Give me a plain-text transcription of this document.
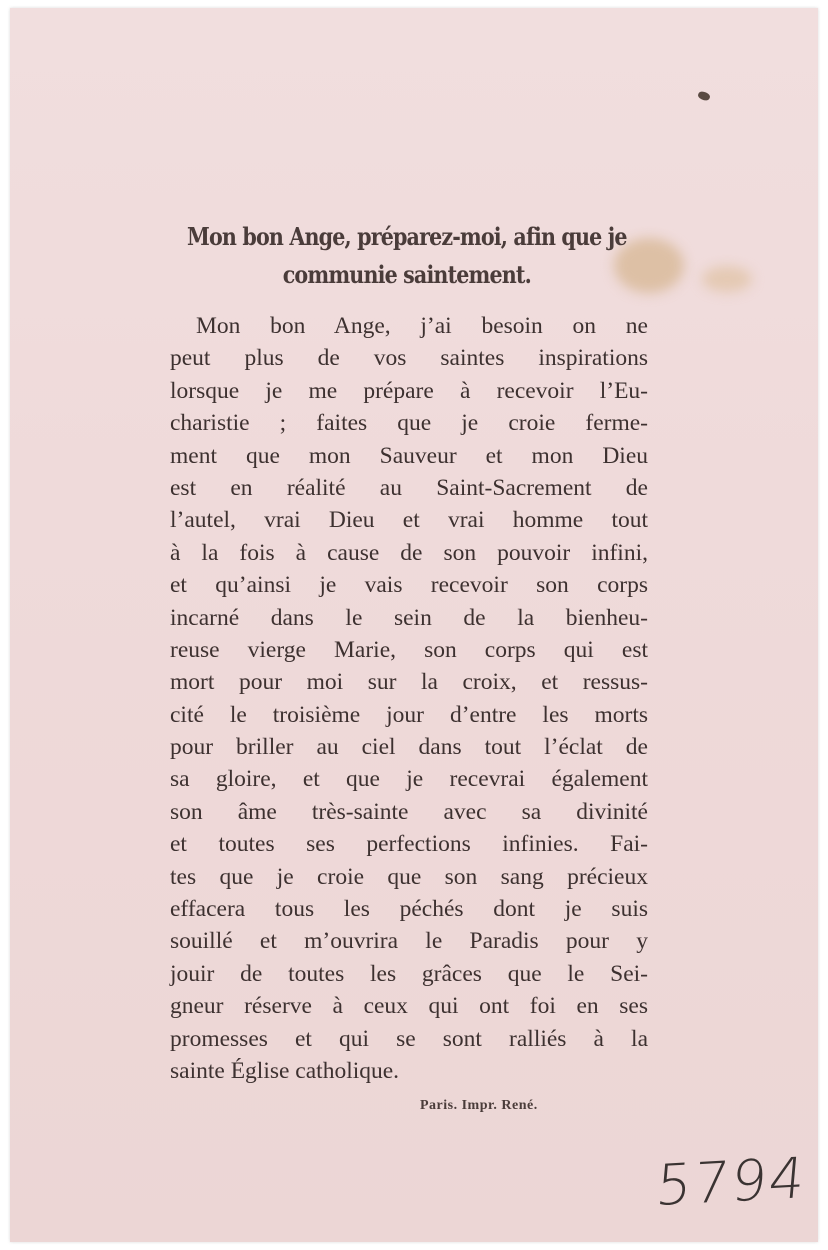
Mon bon Ange, préparez-moi, afin que je
communie saintement.
Mon bon Ange, j’ai besoin on ne
peut plus de vos saintes inspirations
lorsque je me prépare à recevoir l’Eu-
charistie ; faites que je croie ferme-
ment que mon Sauveur et mon Dieu
est en réalité au Saint-Sacrement de
l’autel, vrai Dieu et vrai homme tout
à la fois à cause de son pouvoir infini,
et qu’ainsi je vais recevoir son corps
incarné dans le sein de la bienheu-
reuse vierge Marie, son corps qui est
mort pour moi sur la croix, et ressus-
cité le troisième jour d’entre les morts
pour briller au ciel dans tout l’éclat de
sa gloire, et que je recevrai également
son âme très-sainte avec sa divinité
et toutes ses perfections infinies. Fai-
tes que je croie que son sang précieux
effacera tous les péchés dont je suis
souillé et m’ouvrira le Paradis pour y
jouir de toutes les grâces que le Sei-
gneur réserve à ceux qui ont foi en ses
promesses et qui se sont ralliés à la
sainte Église catholique.
Paris. Impr. René.
5794
